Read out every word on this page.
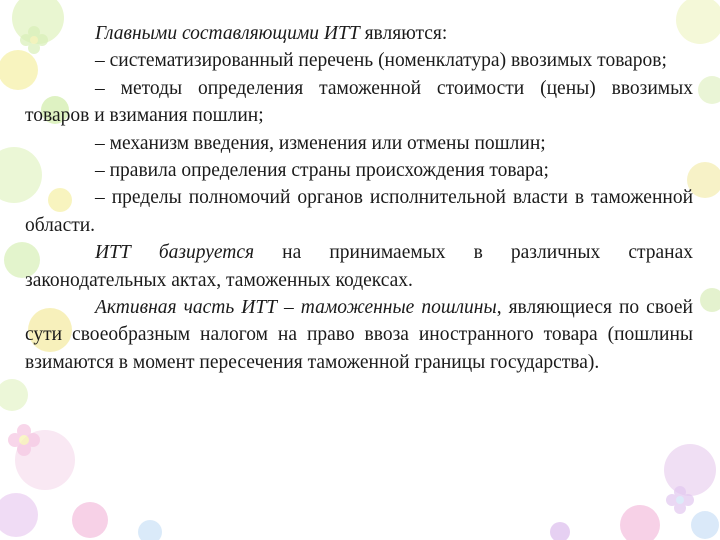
Главными составляющими ИТТ являются:

– систематизированный перечень (номенклатура) ввозимых товаров;

– методы определения таможенной стоимости (цены) ввозимых товаров и взимания пошлин;

– механизм введения, изменения или отмены пошлин;

– правила определения страны происхождения товара;

– пределы полномочий органов исполнительной власти в таможенной области.

ИТТ базируется на принимаемых в различных странах законодательных актах, таможенных кодексах.

Активная часть ИТТ – таможенные пошлины, являющиеся по своей сути своеобразным налогом на право ввоза иностранного товара (пошлины взимаются в момент пересечения таможенной границы государства).
